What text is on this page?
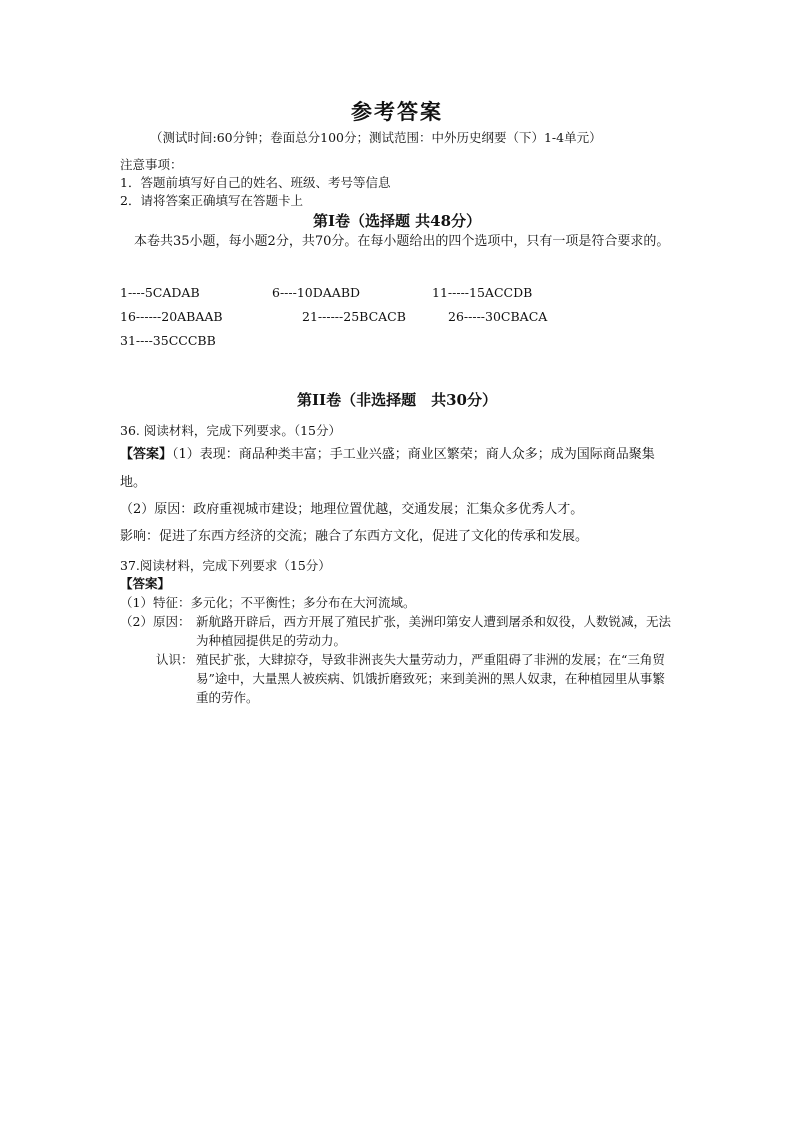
参考答案
（测试时间:60分钟；卷面总分100分；测试范围：中外历史纲要（下）1-4单元）
注意事项：
1．答题前填写好自己的姓名、班级、考号等信息
2．请将答案正确填写在答题卡上
第I卷（选择题 共48分）
本卷共35小题，每小题2分，共70分。在每小题给出的四个选项中，只有一项是符合要求的。
1----5CADAB	6----10DAABD	11-----15ACCDB
16------20ABAAB	21------25BCACB	26-----30CBACA
31----35CCCBB
第II卷（非选择题　共30分）
36. 阅读材料，完成下列要求。（15分）
【答案】（1）表现：商品种类丰富；手工业兴盛；商业区繁荣；商人众多；成为国际商品聚集地。
（2）原因：政府重视城市建设；地理位置优越，交通发展；汇集众多优秀人才。
影响：促进了东西方经济的交流；融合了东西方文化，促进了文化的传承和发展。
37.阅读材料，完成下列要求（15分）
【答案】
（1）特征：多元化；不平衡性；多分布在大河流域。
（2）原因： 新航路开辟后，西方开展了殖民扩张，美洲印第安人遭到屠杀和奴役，人数锐减，无法为种植园提供足的劳动力。
认识： 殖民扩张，大肆掠夺，导致非洲丧失大量劳动力，严重阻碍了非洲的发展；在“三角贸易”途中，大量黑人被疾病、饥饿折磨致死；来到美洲的黑人奴隶，在种植园里从事繁重的劳作。
